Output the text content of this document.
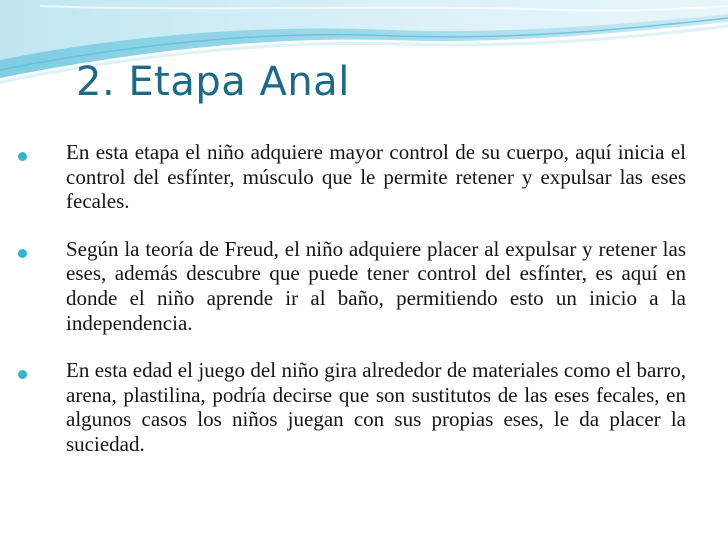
2. Etapa Anal
En esta etapa el niño adquiere mayor control de su cuerpo, aquí inicia el control del esfínter, músculo que le permite retener y expulsar las eses fecales.
Según la teoría de Freud, el niño adquiere placer al expulsar y retener las eses, además descubre que puede tener control del esfínter, es aquí en donde el niño aprende ir al baño, permitiendo esto un inicio a la independencia.
En esta edad el juego del niño gira alrededor de materiales como el barro, arena, plastilina, podría decirse que son sustitutos de las eses fecales, en algunos casos los niños juegan con sus propias eses, le da placer la suciedad.
